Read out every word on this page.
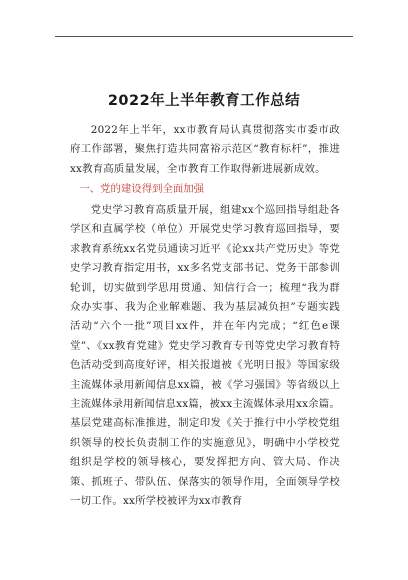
2022年上半年教育工作总结
2022年上半年，xx市教育局认真贯彻落实市委市政府工作部署，聚焦打造共同富裕示范区“教育标杆”，推进xx教育高质量发展，全市教育工作取得新进展新成效。
一、党的建设得到全面加强
党史学习教育高质量开展，组建xx个巡回指导组赴各学区和直属学校（单位）开展党史学习教育巡回指导，要求教育系统xx名党员通读习近平《论xx共产党历史》等党史学习教育指定用书，xx多名党支部书记、党务干部参训轮训，切实做到学思用贯通、知信行合一；梳理“我为群众办实事、我为企业解难题、我为基层减负担”专题实践活动“六个一批”项目xx件，并在年内完成；“红色e课堂”、《xx教育党建》党史学习教育专刊等党史学习教育特色活动受到高度好评，相关报道被《光明日报》等国家级主流媒体录用新闻信息xx篇，被《学习强国》等省级以上主流媒体录用新闻信息xx篇，被xx主流媒体录用xx余篇。基层党建高标准推进，制定印发《关于推行中小学校党组织领导的校长负责制工作的实施意见》，明确中小学校党组织是学校的领导核心，要发挥把方向、管大局、作决策、抓班子、带队伍、保落实的领导作用，全面领导学校一切工作。xx所学校被评为xx市教育
